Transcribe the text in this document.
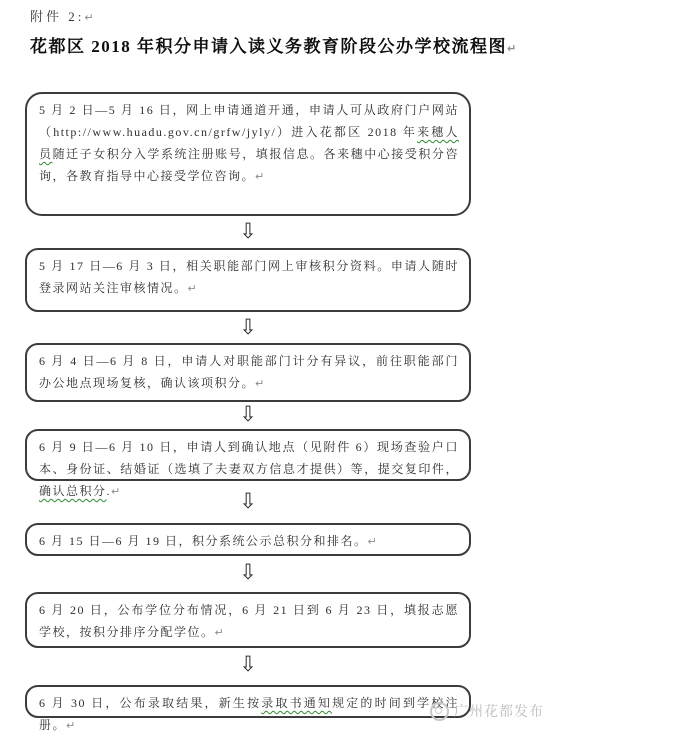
附件 2:↵
花都区 2018 年积分申请入读义务教育阶段公办学校流程图↵

5 月 2 日—5 月 16 日，网上申请通道开通，申请人可从政府门户网站（http://www.huadu.gov.cn/grfw/jyly/）进入花都区 2018 年来穗人员随迁子女积分入学系统注册账号，填报信息。各来穗中心接受积分咨询，各教育指导中心接受学位咨询。↵

⇩

5 月 17 日—6 月 3 日，相关职能部门网上审核积分资料。申请人随时登录网站关注审核情况。↵

⇩

6 月 4 日—6 月 8 日，申请人对职能部门计分有异议，前往职能部门办公地点现场复核，确认该项积分。↵

⇩

6 月 9 日—6 月 10 日，申请人到确认地点（见附件 6）现场查验户口本、身份证、结婚证（选填了夫妻双方信息才提供）等，提交复印件，确认总积分.↵	⇩

6 月 15 日—6 月 19 日，积分系统公示总积分和排名。↵

⇩

6 月 20 日，公布学位分布情况，6 月 21 日到 6 月 23 日，填报志愿学校，按积分排序分配学位。↵

⇩

6 月 30 日，公布录取结果，新生按录取书通知规定的时间到学校注册。↵

广州花都发布
